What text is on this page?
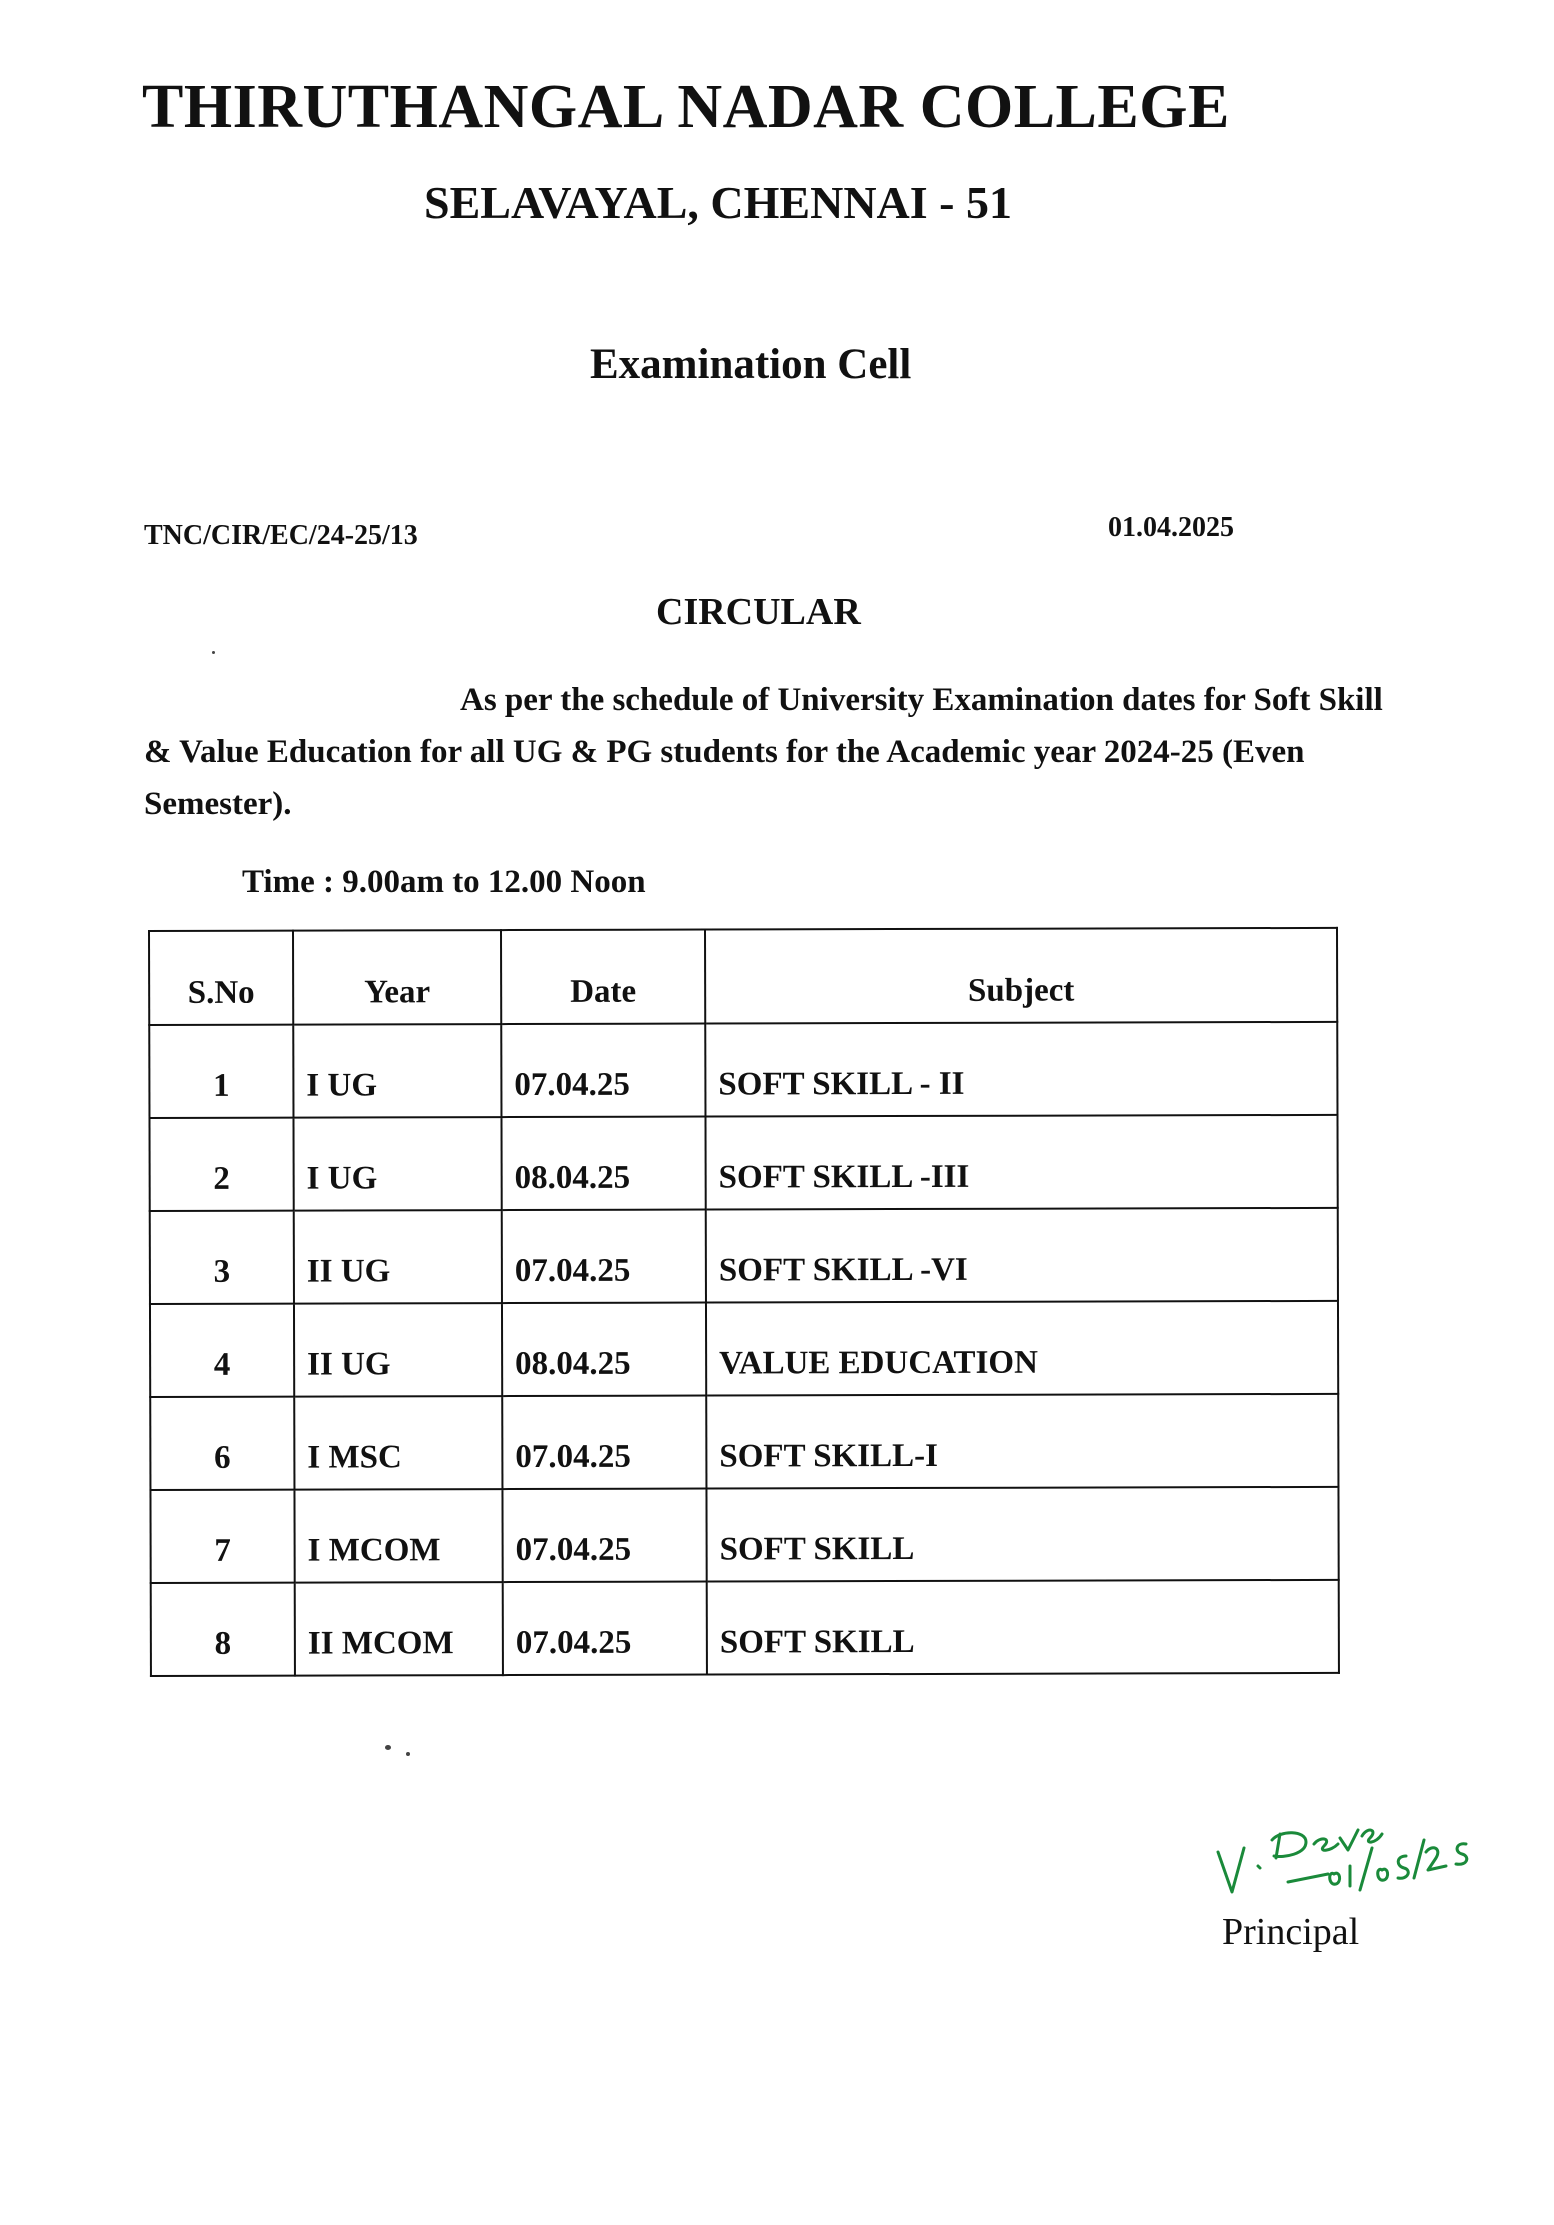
THIRUTHANGAL NADAR COLLEGE
SELAVAYAL, CHENNAI - 51
Examination Cell
TNC/CIR/EC/24-25/13	01.04.2025
CIRCULAR
As per the schedule of University Examination dates for Soft Skill & Value Education for all UG & PG students for the Academic year 2024-25 (Even Semester).
Time : 9.00am to 12.00 Noon
S.No	Year	Date	Subject
1	I UG	07.04.25	SOFT SKILL - II
2	I UG	08.04.25	SOFT SKILL -III
3	II UG	07.04.25	SOFT SKILL -VI
4	II UG	08.04.25	VALUE EDUCATION
6	I MSC	07.04.25	SOFT SKILL-I
7	I MCOM	07.04.25	SOFT SKILL
8	II MCOM	07.04.25	SOFT SKILL
Principal
